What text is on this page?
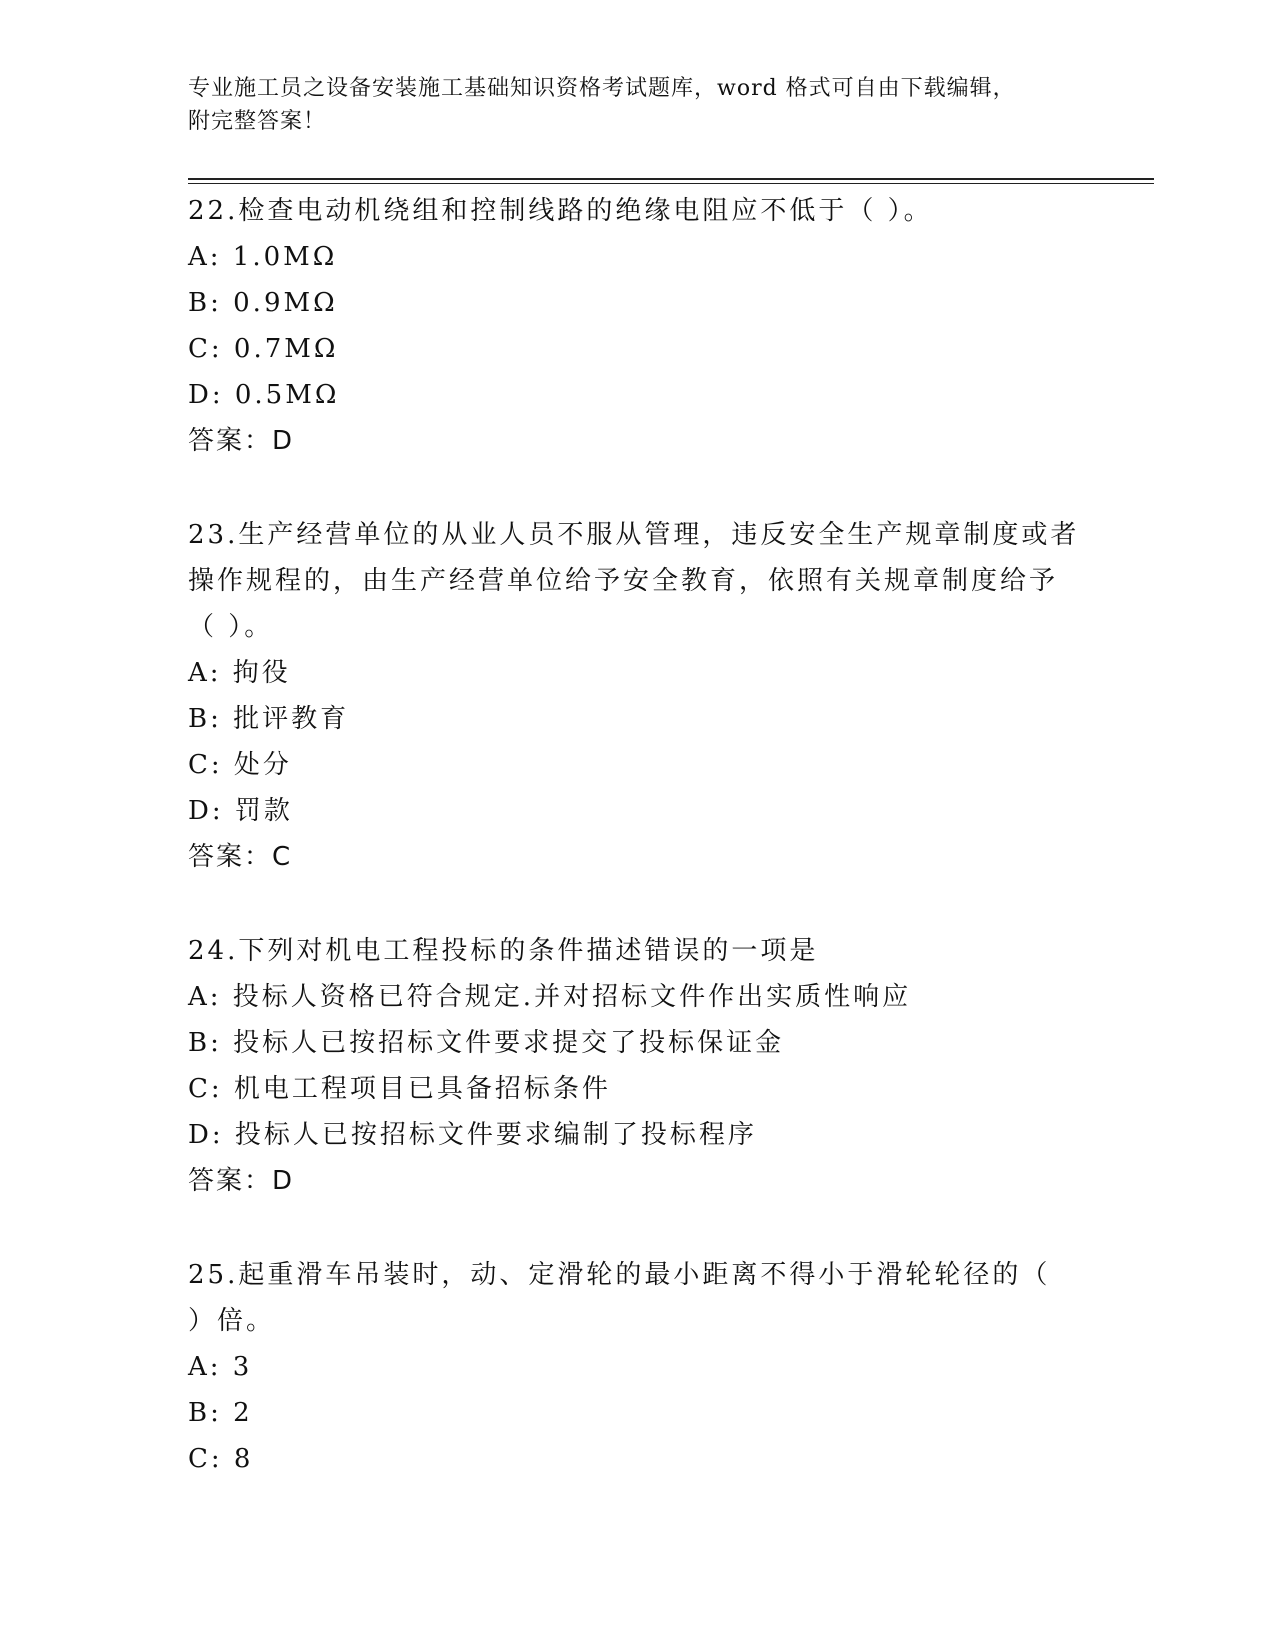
专业施工员之设备安装施工基础知识资格考试题库，word 格式可自由下载编辑，
附完整答案！
22.检查电动机绕组和控制线路的绝缘电阻应不低于（ ）。
A: 1.0MΩ
B: 0.9MΩ
C: 0.7MΩ
D: 0.5MΩ
答案：D
23.生产经营单位的从业人员不服从管理，违反安全生产规章制度或者
操作规程的，由生产经营单位给予安全教育，依照有关规章制度给予
（ ）。
A: 拘役
B: 批评教育
C: 处分
D: 罚款
答案：C
24.下列对机电工程投标的条件描述错误的一项是
A: 投标人资格已符合规定.并对招标文件作出实质性响应
B: 投标人已按招标文件要求提交了投标保证金
C: 机电工程项目已具备招标条件
D: 投标人已按招标文件要求编制了投标程序
答案：D
25.起重滑车吊装时，动、定滑轮的最小距离不得小于滑轮轮径的（
）倍。
A: 3
B: 2
C: 8
